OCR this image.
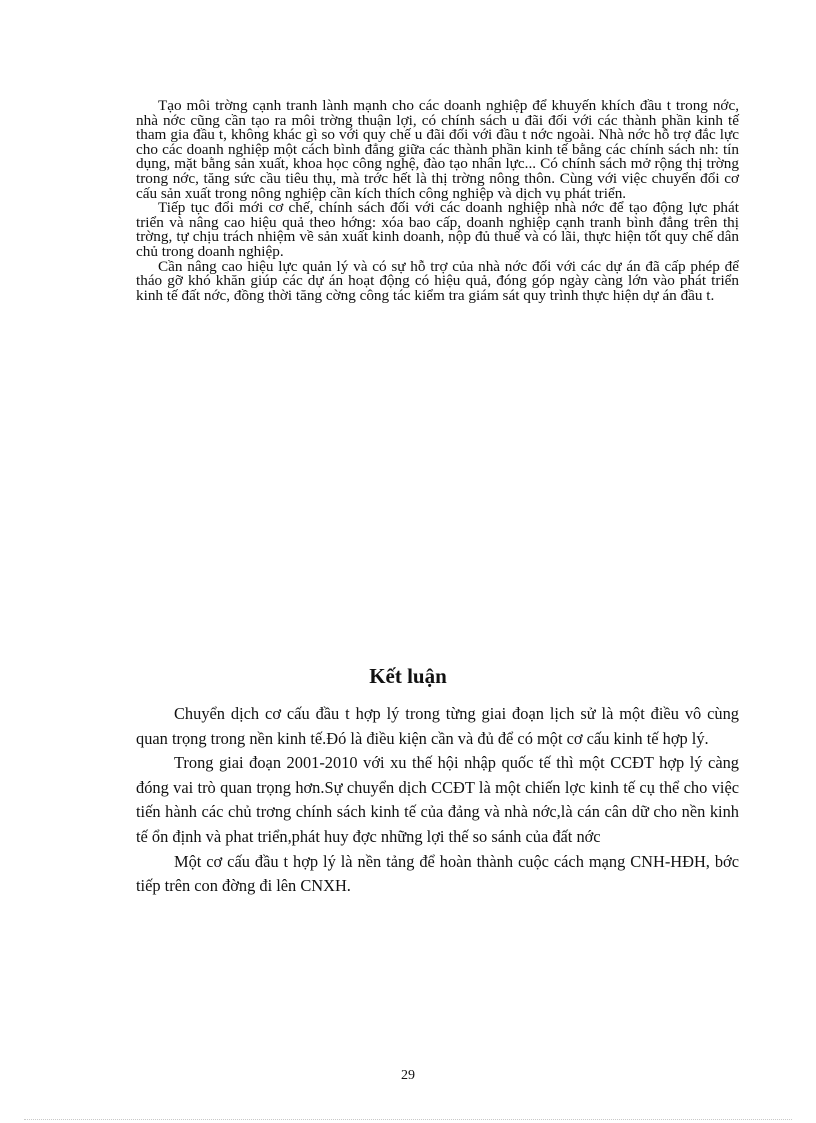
Tạo môi trờng cạnh tranh lành mạnh cho các doanh nghiệp để khuyến khích đầu t trong nớc, nhà nớc cũng cần tạo ra môi trờng thuận lợi, có chính sách u đãi đối với các thành phần kinh tế tham gia đầu t, không khác gì so với quy chế u đãi đối với đầu t nớc ngoài. Nhà nớc hỗ trợ đắc lực cho các doanh nghiệp một cách bình đẳng giữa các thành phần kinh tế bằng các chính sách nh: tín dụng, mặt bằng sản xuất, khoa học công nghệ, đào tạo nhân lực... Có chính sách mở rộng thị trờng trong nớc, tăng sức cầu tiêu thụ, mà trớc hết là thị trờng nông thôn. Cùng với việc chuyển đổi cơ cấu sản xuất trong nông nghiệp cần kích thích công nghiệp và dịch vụ phát triển.

Tiếp tục đổi mới cơ chế, chính sách đối với các doanh nghiệp nhà nớc để tạo động lực phát triển và nâng cao hiệu quả theo hớng: xóa bao cấp, doanh nghiệp cạnh tranh bình đẳng trên thị trờng, tự chịu trách nhiệm về sản xuất kinh doanh, nộp đủ thuế và có lãi, thực hiện tốt quy chế dân chủ trong doanh nghiệp.

Cần nâng cao hiệu lực quản lý và có sự hỗ trợ của nhà nớc đối với các dự án đã cấp phép để tháo gỡ khó khăn giúp các dự án hoạt động có hiệu quả, đóng góp ngày càng lớn vào phát triển kinh tế đất nớc, đồng thời tăng cờng công tác kiểm tra giám sát quy trình thực hiện dự án đầu t.

Kết luận

Chuyển dịch cơ cấu đầu t hợp lý trong từng giai đoạn lịch sử là một điều vô cùng quan trọng trong nền kinh tế.Đó là điều kiện cần và đủ để có một cơ cấu kinh tế hợp lý.

Trong giai đoạn 2001-2010 với xu thế hội nhập quốc tế thì một CCĐT hợp lý càng đóng vai trò quan trọng hơn.Sự chuyển dịch CCĐT là một chiến lợc kinh tế cụ thể cho việc tiến hành các chủ trơng chính sách kinh tế của đảng và nhà nớc,là cán cân dữ cho nền kinh tế ổn định và phat triển,phát huy đợc những lợi thế so sánh của đất nớc

Một cơ cấu đầu t hợp lý là nền tảng để hoàn thành cuộc cách mạng CNH-HĐH, bớc tiếp trên con đờng đi lên CNXH.

29
